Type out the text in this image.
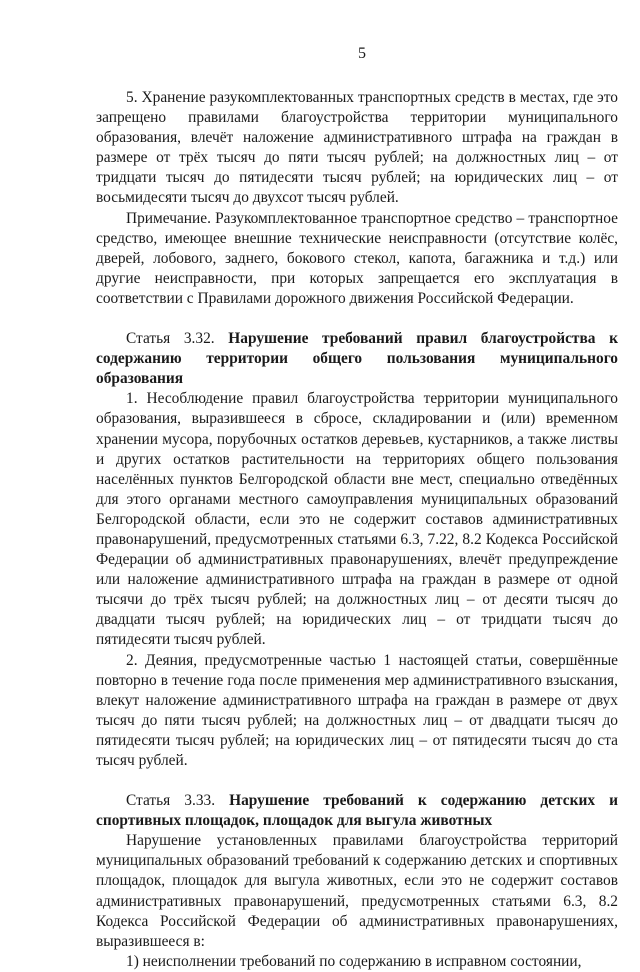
5

5. Хранение разукомплектованных транспортных средств в местах, где это запрещено правилами благоустройства территории муниципального образования, влечёт наложение административного штрафа на граждан в размере от трёх тысяч до пяти тысяч рублей; на должностных лиц – от тридцати тысяч до пятидесяти тысяч рублей; на юридических лиц – от восьмидесяти тысяч до двухсот тысяч рублей.

Примечание. Разукомплектованное транспортное средство – транспортное средство, имеющее внешние технические неисправности (отсутствие колёс, дверей, лобового, заднего, бокового стекол, капота, багажника и т.д.) или другие неисправности, при которых запрещается его эксплуатация в соответствии с Правилами дорожного движения Российской Федерации.

Статья 3.32. Нарушение требований правил благоустройства к содержанию территории общего пользования муниципального образования

1. Несоблюдение правил благоустройства территории муниципального образования, выразившееся в сбросе, складировании и (или) временном хранении мусора, порубочных остатков деревьев, кустарников, а также листвы и других остатков растительности на территориях общего пользования населённых пунктов Белгородской области вне мест, специально отведённых для этого органами местного самоуправления муниципальных образований Белгородской области, если это не содержит составов административных правонарушений, предусмотренных статьями 6.3, 7.22, 8.2 Кодекса Российской Федерации об административных правонарушениях, влечёт предупреждение или наложение административного штрафа на граждан в размере от одной тысячи до трёх тысяч рублей; на должностных лиц – от десяти тысяч до двадцати тысяч рублей; на юридических лиц – от тридцати тысяч до пятидесяти тысяч рублей.

2. Деяния, предусмотренные частью 1 настоящей статьи, совершённые повторно в течение года после применения мер административного взыскания, влекут наложение административного штрафа на граждан в размере от двух тысяч до пяти тысяч рублей; на должностных лиц – от двадцати тысяч до пятидесяти тысяч рублей; на юридических лиц – от пятидесяти тысяч до ста тысяч рублей.

Статья 3.33. Нарушение требований к содержанию детских и спортивных площадок, площадок для выгула животных

Нарушение установленных правилами благоустройства территорий муниципальных образований требований к содержанию детских и спортивных площадок, площадок для выгула животных, если это не содержит составов административных правонарушений, предусмотренных статьями 6.3, 8.2 Кодекса Российской Федерации об административных правонарушениях, выразившееся в:

1) неисполнении требований по содержанию в исправном состоянии,
